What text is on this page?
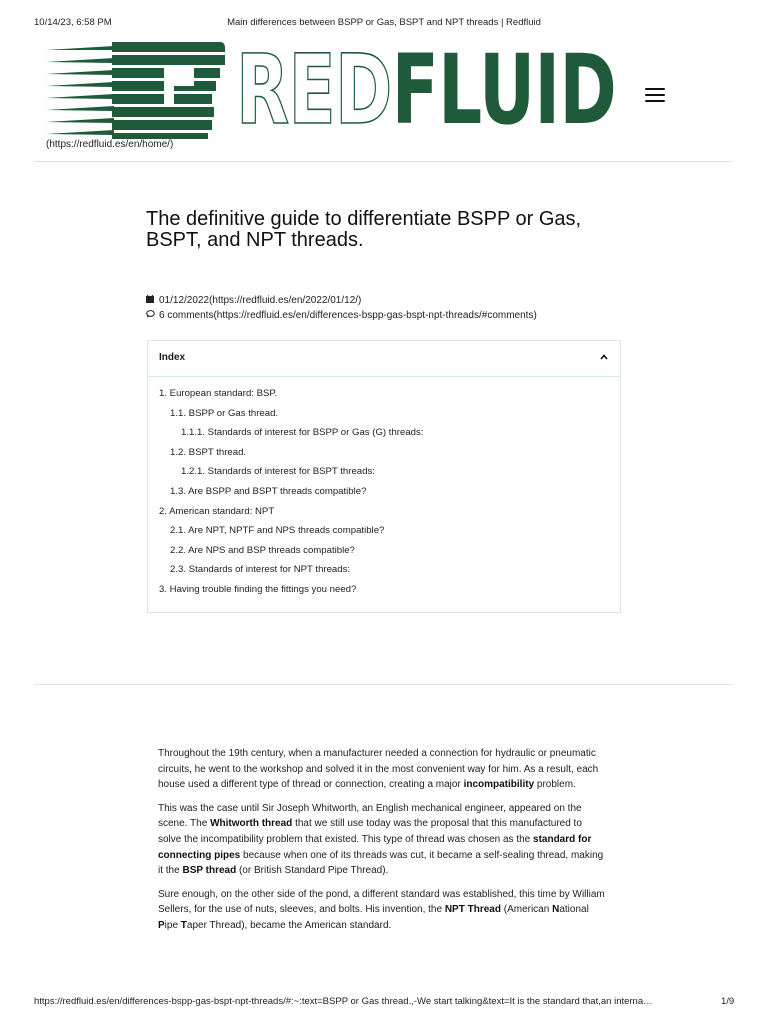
10/14/23, 6:58 PM	Main differences between BSPP or Gas, BSPT and NPT threads | Redfluid
RED FLUID
(https://redfluid.es/en/home/)
The definitive guide to differentiate BSPP or Gas, BSPT, and NPT threads.
01/12/2022(https://redfluid.es/en/2022/01/12/)
6 comments(https://redfluid.es/en/differences-bspp-gas-bspt-npt-threads/#comments)
Index
1. European standard: BSP.
1.1. BSPP or Gas thread.
1.1.1. Standards of interest for BSPP or Gas (G) threads:
1.2. BSPT thread.
1.2.1. Standards of interest for BSPT threads:
1.3. Are BSPP and BSPT threads compatible?
2. American standard: NPT
2.1. Are NPT, NPTF and NPS threads compatible?
2.2. Are NPS and BSP threads compatible?
2.3. Standards of interest for NPT threads:
3. Having trouble finding the fittings you need?

Throughout the 19th century, when a manufacturer needed a connection for hydraulic or pneumatic circuits, he went to the workshop and solved it in the most convenient way for him. As a result, each house used a different type of thread or connection, creating a major incompatibility problem.

This was the case until Sir Joseph Whitworth, an English mechanical engineer, appeared on the scene. The Whitworth thread that we still use today was the proposal that this manufactured to solve the incompatibility problem that existed. This type of thread was chosen as the standard for connecting pipes because when one of its threads was cut, it became a self-sealing thread, making it the BSP thread (or British Standard Pipe Thread).

Sure enough, on the other side of the pond, a different standard was established, this time by William Sellers, for the use of nuts, sleeves, and bolts. His invention, the NPT Thread (American National Pipe Taper Thread), became the American standard.

https://redfluid.es/en/differences-bspp-gas-bspt-npt-threads/#:~:text=BSPP or Gas thread.,-We start talking&text=It is the standard that,an interna…	1/9
